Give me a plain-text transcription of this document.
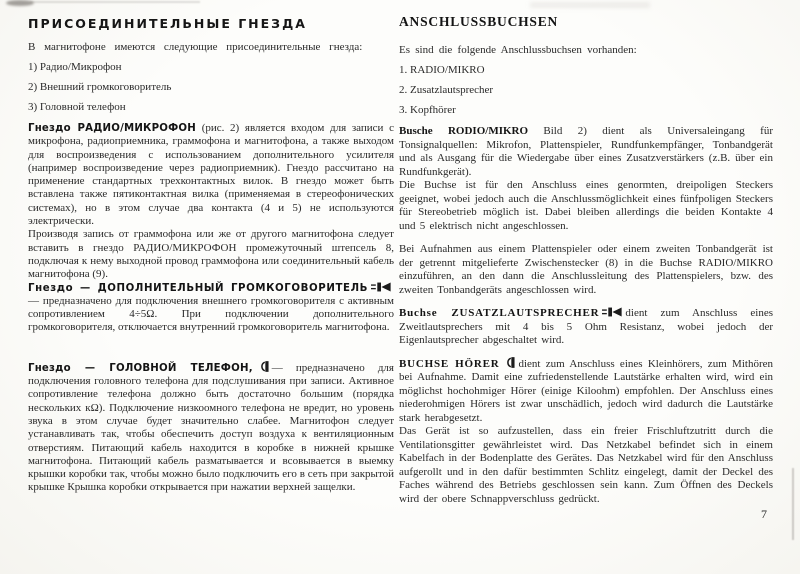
ПРИСОЕДИНИТЕЛЬНЫЕ ГНЕЗДА

В магнитофоне имеются следующие присоединительные гнезда:

1) Радио/Микрофон
2) Внешний громкоговоритель
3) Головной телефон

Гнездо РАДИО/МИКРОФОН (рис. 2) является входом для записи с микрофона, радиоприемника, граммофона и магнитофона, а также выходом для воспроизведения с использованием дополнительного усилителя (например воспроизведение через радиоприемник). Гнездо рассчитано на применение стандартных трехконтактных вилок. В гнездо может быть вставлена также пятиконтактная вилка (применяемая в стереофонических системах), но в этом случае два контакта (4 и 5) не используются электрически.
Производя запись от граммофона или же от другого магнитофона следует вставить в гнездо РАДИО/МИКРОФОН промежуточный штепсель 8, подключая к нему выходной провод граммофона или соединительный кабель магнитофона (9).

Гнездо — ДОПОЛНИТЕЛЬНЫЙ ГРОМКОГОВОРИТЕЛЬ— предназначено для подключения внешнего громкоговорителя с активным сопротивлением 4÷5Ω. При подключении дополнительного громкоговорителя, отключается внутренний громкоговоритель магнитофона.

Гнездо — ГОЛОВНОЙ ТЕЛЕФОН, — предназначено для подключения головного телефона для подслушивания при записи. Активное сопротивление телефона должно быть достаточно большим (порядка нескольких кΩ). Подключение низкоомного телефона не вредит, но уровень звука в этом случае будет значительно слабее. Магнитофон следует устанавливать так, чтобы обеспечить доступ воздуха к вентиляционным отверстиям. Питающий кабель находится в коробке в нижней крышке магнитофона. Питающий кабель разматывается и всовывается в выемку крышки коробки так, чтобы можно было подключить его в сеть при закрытой крышке Крышка коробки открывается при нажатии верхней защелки.

ANSCHLUSSBUCHSEN

Es sind die folgende Anschlussbuchsen vorhanden:

1. RADIO/MIKRO
2. Zusatzlautsprecher
3. Kopfhörer

Busche RODIO/MIKRO Bild 2) dient als Universaleingang für Tonsignalquellen: Mikrofon, Plattenspieler, Rundfunkempfänger, Tonbandgerät und als Ausgang für die Wiedergabe über eines Zusatzverstärkers (z.B. über ein Rundfunkgerät).
Die Buchse ist für den Anschluss eines genormten, dreipoligen Steckers geeignet, wobei jedoch auch die Anschlussmöglichkeit eines fünfpoligen Steckers für Stereobetrieb möglich ist. Dabei bleiben allerdings die beiden Kontakte 4 und 5 elektrisch nicht angeschlossen.

Bei Aufnahmen aus einem Plattenspieler oder einem zweiten Tonbandgerät ist der getrennt mitgelieferte Zwischenstecker (8) in die Buchse RADIO/MIKRO einzuführen, an den dann die Anschlussleitung des Plattenspielers, bzw. des zweiten Tonbandgeräts angeschlossen wird.

Buchse ZUSATZLAUTSPRECHER dient zum Anschluss eines Zweitlautsprechers mit 4 bis 5 Ohm Resistanz, wobei jedoch der Eigenlautsprecher abgeschaltet wird.

BUCHSE HÖRER dient zum Anschluss eines Kleinhörers, zum Mithören bei Aufnahme. Damit eine zufriedenstellende Lautstärke erhalten wird, wird ein möglichst hochohmiger Hörer (einige Kiloohm) empfohlen. Der Anschluss eines niederohmigen Hörers ist zwar unschädlich, jedoch wird dadurch die Lautstärke stark herabgesetzt.
Das Gerät ist so aufzustellen, dass ein freier Frischluftzutritt durch die Ventilationsgitter gewährleistet wird. Das Netzkabel befindet sich in einem Kabelfach in der Bodenplatte des Gerätes. Das Netzkabel wird für den Anschluss aufgerollt und in den dafür bestimmten Schlitz eingelegt, damit der Deckel des Faches während des Betriebs geschlossen sein kann. Zum Öffnen des Deckels wird der obere Schnappverschluss gedrückt.

7
